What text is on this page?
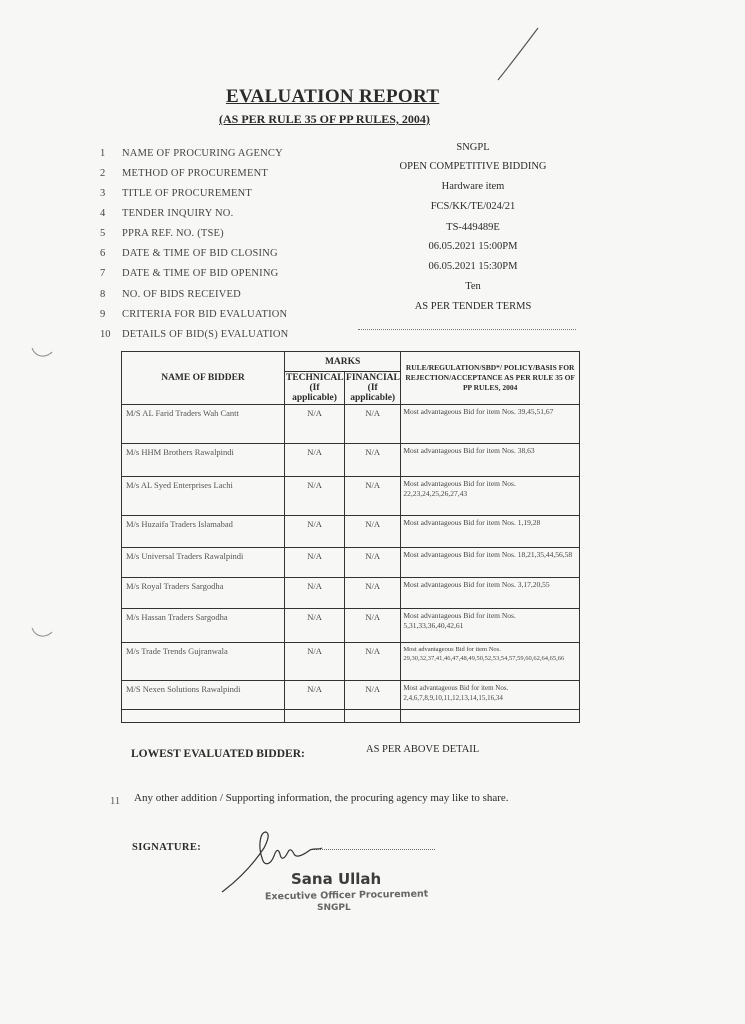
EVALUATION REPORT
(AS PER RULE 35 OF PP RULES, 2004)
1	NAME OF PROCURING AGENCY
SNGPL
2	METHOD OF PROCUREMENT
OPEN COMPETITIVE BIDDING
3	TITLE OF PROCUREMENT
Hardware item
4	TENDER INQUIRY NO.
FCS/KK/TE/024/21
5	PPRA REF. NO. (TSE)
TS-449489E
6	DATE & TIME OF BID CLOSING
06.05.2021 15:00PM
7	DATE & TIME OF BID OPENING
06.05.2021 15:30PM
8	NO. OF BIDS RECEIVED
Ten
9	CRITERIA FOR BID EVALUATION
AS PER TENDER TERMS
10	DETAILS OF BID(S) EVALUATION
NAME OF BIDDER	MARKS		RULE/REGULATION/SBD*/ POLICY/BASIS FOR REJECTION/ACCEPTANCE AS PER RULE 35 OF PP RULES, 2004
	TECHNICAL (If applicable)	FINANCIAL (If applicable)	
M/S AL Farid Traders Wah Cantt	N/A	N/A	Most advantageous Bid for item Nos. 39,45,51,67
M/s HHM Brothers Rawalpindi	N/A	N/A	Most advantageous Bid for item Nos. 38,63
M/s AL Syed Enterprises Lachi	N/A	N/A	Most advantageous Bid for item Nos. 22,23,24,25,26,27,43
M/s Huzaifa Traders Islamabad	N/A	N/A	Most advantageous Bid for item Nos. 1,19,28
M/s Universal Traders Rawalpindi	N/A	N/A	Most advantageous Bid for item Nos. 18,21,35,44,56,58
M/s Royal Traders Sargodha	N/A	N/A	Most advantageous Bid for item Nos. 3,17,20,55
M/s Hassan Traders Sargodha	N/A	N/A	Most advantageous Bid for item Nos. 5,31,33,36,40,42,61
M/s Trade Trends Gujranwala	N/A	N/A	Most advantageous Bid for item Nos. 29,30,32,37,41,46,47,48,49,50,52,53,54,57,59,60,62,64,65,66
M/S Nexen Solutions Rawalpindi	N/A	N/A	Most advantageous Bid for item Nos. 2,4,6,7,8,9,10,11,12,13,14,15,16,34

LOWEST EVALUATED BIDDER:	AS PER ABOVE DETAIL
11 Any other addition / Supporting information, the procuring agency may like to share.
SIGNATURE:
Sana Ullah
Executive Officer Procurement
SNGPL
